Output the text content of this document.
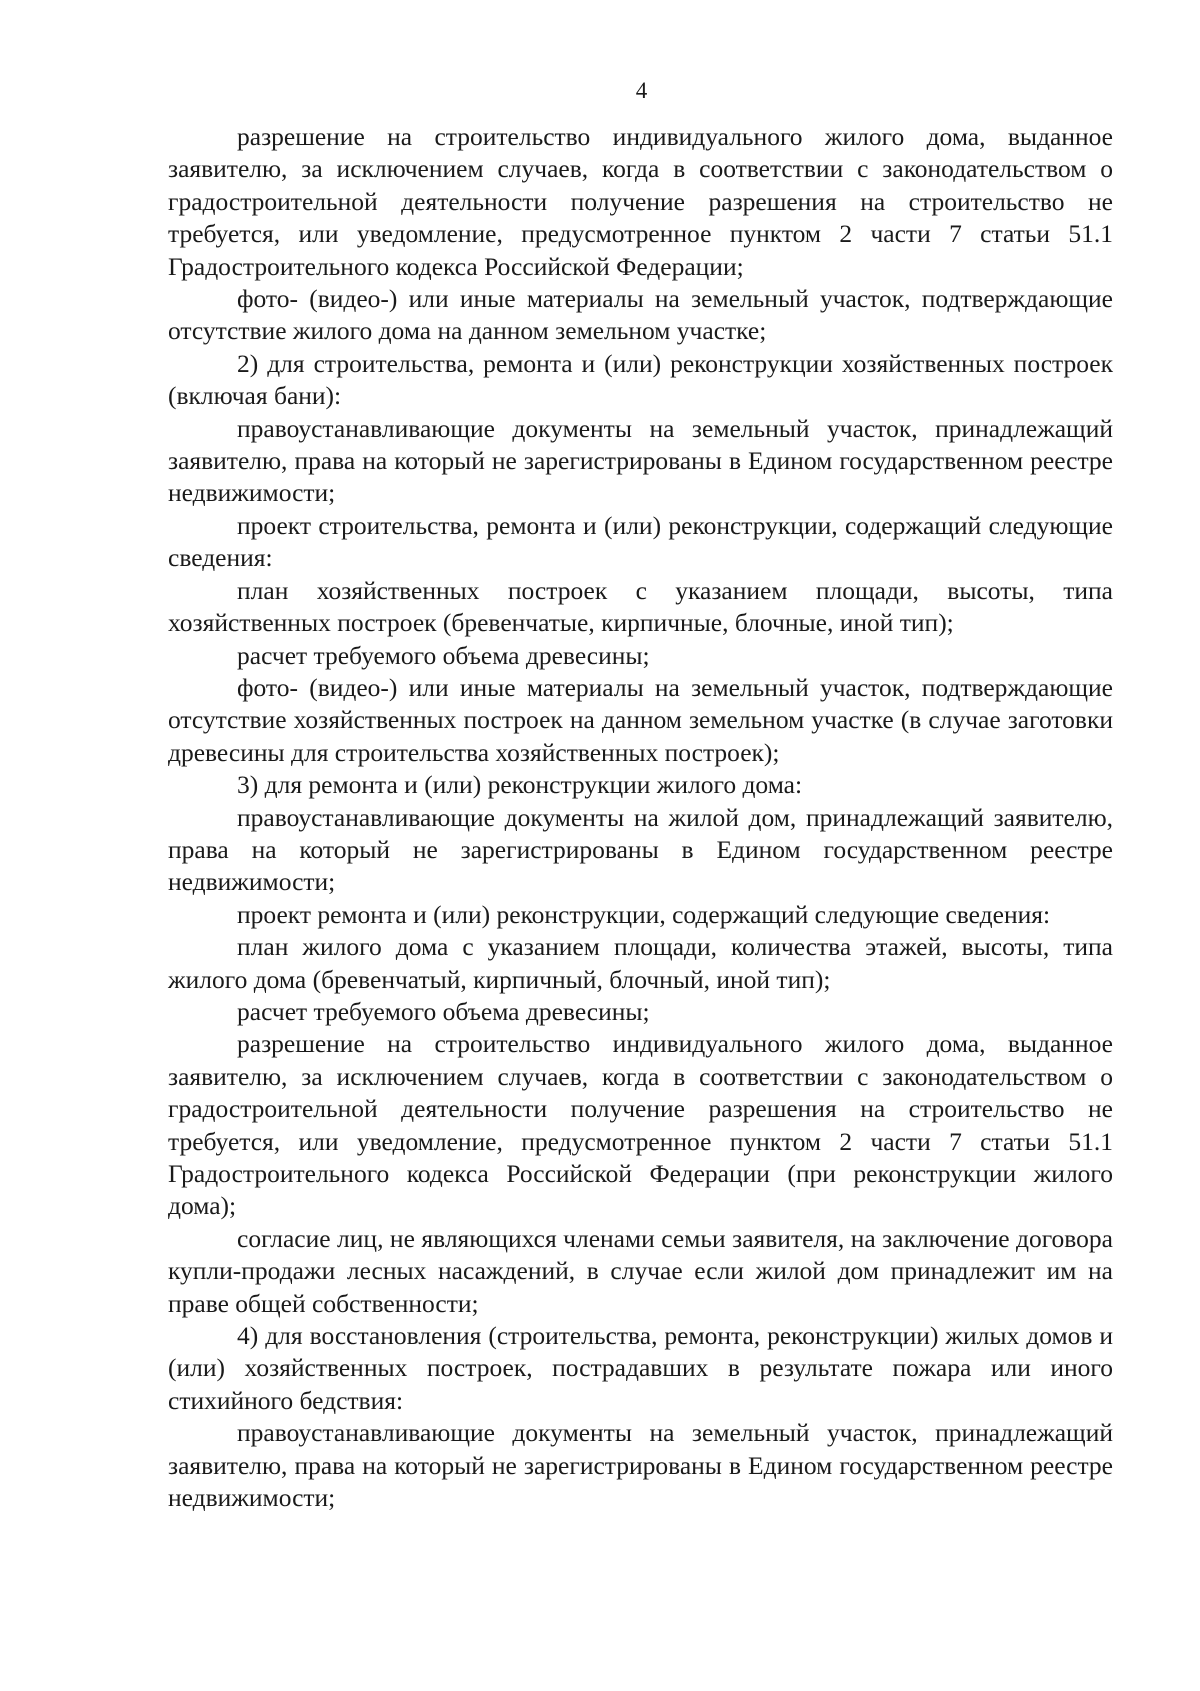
4

разрешение на строительство индивидуального жилого дома, выданное заявителю, за исключением случаев, когда в соответствии с законодательством о градостроительной деятельности получение разрешения на строительство не требуется, или уведомление, предусмотренное пунктом 2 части 7 статьи 51.1 Градостроительного кодекса Российской Федерации;

фото- (видео-) или иные материалы на земельный участок, подтверждающие отсутствие жилого дома на данном земельном участке;

2) для строительства, ремонта и (или) реконструкции хозяйственных построек (включая бани):

правоустанавливающие документы на земельный участок, принадлежащий заявителю, права на который не зарегистрированы в Едином государственном реестре недвижимости;

проект строительства, ремонта и (или) реконструкции, содержащий следующие сведения:

план хозяйственных построек с указанием площади, высоты, типа хозяйственных построек (бревенчатые, кирпичные, блочные, иной тип);

расчет требуемого объема древесины;

фото- (видео-) или иные материалы на земельный участок, подтверждающие отсутствие хозяйственных построек на данном земельном участке (в случае заготовки древесины для строительства хозяйственных построек);

3) для ремонта и (или) реконструкции жилого дома:

правоустанавливающие документы на жилой дом, принадлежащий заявителю, права на который не зарегистрированы в Едином государственном реестре недвижимости;

проект ремонта и (или) реконструкции, содержащий следующие сведения:

план жилого дома с указанием площади, количества этажей, высоты, типа жилого дома (бревенчатый, кирпичный, блочный, иной тип);

расчет требуемого объема древесины;

разрешение на строительство индивидуального жилого дома, выданное заявителю, за исключением случаев, когда в соответствии с законодательством о градостроительной деятельности получение разрешения на строительство не требуется, или уведомление, предусмотренное пунктом 2 части 7 статьи 51.1 Градостроительного кодекса Российской Федерации (при реконструкции жилого дома);

согласие лиц, не являющихся членами семьи заявителя, на заключение договора купли-продажи лесных насаждений, в случае если жилой дом принадлежит им на праве общей собственности;

4) для восстановления (строительства, ремонта, реконструкции) жилых домов и (или) хозяйственных построек, пострадавших в результате пожара или иного стихийного бедствия:

правоустанавливающие документы на земельный участок, принадлежащий заявителю, права на который не зарегистрированы в Едином государственном реестре недвижимости;
